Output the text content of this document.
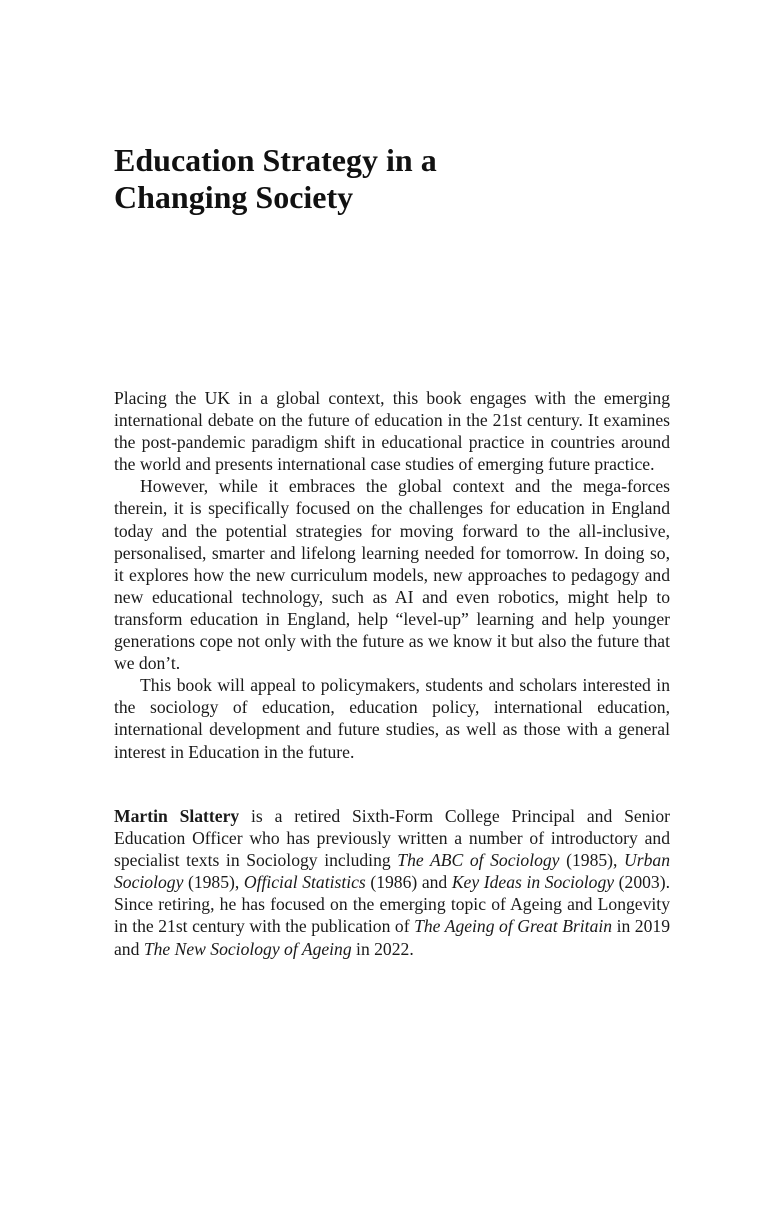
Education Strategy in a
Changing Society

Placing the UK in a global context, this book engages with the emerging international debate on the future of education in the 21st century. It examines the post-pandemic paradigm shift in educational practice in countries around the world and presents international case studies of emerging future practice.

However, while it embraces the global context and the mega-forces therein, it is specifically focused on the challenges for education in England today and the potential strategies for moving forward to the all-inclusive, personalised, smarter and lifelong learning needed for tomorrow. In doing so, it explores how the new curriculum models, new approaches to pedagogy and new educational technology, such as AI and even robotics, might help to transform education in England, help “level-up” learning and help younger generations cope not only with the future as we know it but also the future that we don’t.

This book will appeal to policymakers, students and scholars interested in the sociology of education, education policy, international education, international development and future studies, as well as those with a general interest in Education in the future.

Martin Slattery is a retired Sixth-Form College Principal and Senior Education Officer who has previously written a number of introductory and specialist texts in Sociology including The ABC of Sociology (1985), Urban Sociology (1985), Official Statistics (1986) and Key Ideas in Sociology (2003). Since retiring, he has focused on the emerging topic of Ageing and Longevity in the 21st century with the publication of The Ageing of Great Britain in 2019 and The New Sociology of Ageing in 2022.
